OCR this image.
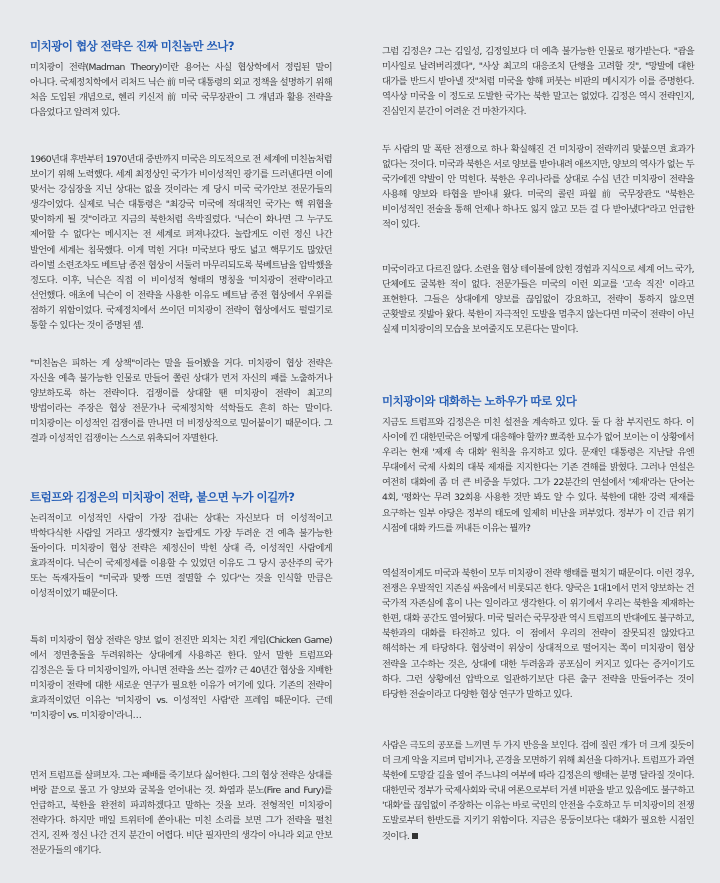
미치광이 협상 전략은 진짜 미친놈만 쓰나?

미치광이 전략(Madman Theory)이란 용어는 사실 협상학에서 정립된 말이 아니다. 국제정치학에서 리처드 닉슨 前 미국 대통령의 외교 정책을 설명하기 위해 처음 도입된 개념으로, 헨리 키신저 前 미국 국무장관이 그 개념과 활용 전략을 다음었다고 알려져 있다.

1960년대 후반부터 1970년대 중반까지 미국은 의도적으로 전 세계에 미친놈처럼 보이기 위해 노력했다. 세계 최정상인 국가가 비이성적인 광기를 드러낸다면 이에 맞서는 강심장을 지닌 상대는 없을 것이라는 게 당시 미국 국가안보 전문가들의 생각이었다. 실제로 닉슨 대통령은 "최강국 미국에 적대적인 국가는 핵 위협을 맞이하게 될 것"이라고 지금의 북한처럼 윽박질렀다. '닉슨이 화나면 그 누구도 제어할 수 없다'는 메시지는 전 세계로 퍼져나갔다. 놀랍게도 이런 정신 나간 발언에 세계는 침묵했다. 이게 먹힌 거다! 미국보다 땅도 넓고 핵무기도 많았던 라이벌 소련조차도 베트남 종전 협상이 서둘러 마무리되도록 북베트남을 압박했을 정도다. 이후, 닉슨은 직접 이 비이성적 형태의 명칭을 '미치광이 전략'이라고 선언했다. 애초에 닉슨이 이 전략을 사용한 이유도 베트남 종전 협상에서 우위를 점하기 위함이었다. 국제정치에서 쓰이던 미치광이 전략이 협상에서도 펄럴기로 통할 수 있다는 것이 증명된 셈.

"미친놈은 피하는 게 상책"이라는 말을 들어봤을 거다. 미치광이 협상 전략은 자신을 예측 불가능한 인물로 만들어 쫄린 상대가 먼저 자신의 패를 노출하거나 양보하도록 하는 전략이다. 겁쟁이를 상대할 땐 미치광이 전략이 최고의 방법이라는 주장은 협상 전문가나 국제정치학 석학들도 흔히 하는 말이다. 미치광이는 이성적인 겁쟁이를 만나면 더 비정상적으로 밀어붙이기 때문이다. 그 결과 이성적인 겁쟁이는 스스로 위축되어 자멸한다.

트럼프와 김정은의 미치광이 전략, 붙으면 누가 이길까?

논리적이고 이성적인 사람이 가장 겁내는 상대는 자신보다 더 이성적이고 박학다식한 사람일 거라고 생각했지? 놀랍게도 가장 두려운 건 예측 불가능한 돌아이다. 미치광이 협상 전략은 제정신이 박힌 상대 즉, 이성적인 사람에게 효과적이다. 닉슨이 국제정세를 이용할 수 있었던 이유도 그 당시 공산주의 국가 또는 독재자들이 "미국과 맞짱 뜨면 절멸할 수 있다"는 것을 인식할 만큼은 이성적이었기 때문이다.

특히 미치광이 협상 전략은 양보 없이 전진만 외치는 치킨 게임(Chicken Game)에서 정면충돌을 두려워하는 상대에게 사용하곤 한다. 앞서 말한 트럼프와 김정은은 둘 다 미치광이일까, 아니면 전략을 쓰는 걸까? 근 40년간 협상을 지배한 미치광이 전략에 대한 새로운 연구가 필요한 이유가 여기에 있다. 기존의 전략이 효과적이었던 이유는 '미치광이 vs. 이성적인 사람'란 프레임 때문이다. 근데 '미치광이 vs. 미치광이'라니…

먼저 트럼프를 살펴보자. 그는 패배를 죽기보다 싫어한다. 그의 협상 전략은 상대를 벼랑 끝으로 몰고 가 양보와 굴복을 얻어내는 것. 화염과 분노(Fire and Fury)를 언급하고, 북한을 완전히 파괴하겠다고 말하는 것을 보라. 전형적인 미치광이 전략가다. 하지만 매일 트위터에 쏟아내는 미친 소리를 보면 그가 전략을 펼친 건지, 진짜 정신 나간 건지 분간이 어렵다. 비단 필자만의 생각이 아니라 외교 안보 전문가들의 얘기다.

그럼 김정은? 그는 김일성, 김정일보다 더 예측 불가능한 인물로 평가받는다. "괌을 미사일로 날려버리겠다", "사상 최고의 대응조치 단행을 고려할 것", "망발에 대한 대가를 반드시 받아낼 것"처럼 미국을 향해 퍼붓는 비판의 메시지가 이를 증명한다. 역사상 미국을 이 정도로 도발한 국가는 북한 말고는 없었다. 김정은 역시 전략인지, 진심인지 분간이 어려운 건 마찬가지다.

두 사람의 말 폭탄 전쟁으로 하나 확실해진 건 미치광이 전략끼리 맞붙으면 효과가 없다는 것이다. 미국과 북한은 서로 양보를 받아내려 애쓰지만, 양보의 역사가 없는 두 국가에겐 약발이 안 먹힌다. 북한은 우리나라를 상대로 수십 년간 미치광이 전략을 사용해 양보와 타협을 받아내 왔다. 미국의 콜린 파월 前 국무장관도 "북한은 비이성적인 전술을 통해 언제나 하나도 잃지 않고 모든 걸 다 받아냈다"라고 언급한 적이 있다.

미국이라고 다르진 않다. 소련을 협상 테이블에 앉힌 경험과 지식으로 세계 어느 국가, 단체에도 굴복한 적이 없다. 전문가들은 미국의 이런 외교를 '고속 직진' 이라고 표현한다. 그들은 상대에게 양보를 끊임없이 강요하고, 전략이 통하지 않으면 군홧발로 짓밟아 왔다. 북한이 자극적인 도발을 멈추지 않는다면 미국이 전략이 아닌 실제 미치광이의 모습을 보여줄지도 모른다는 말이다.

미치광이와 대화하는 노하우가 따로 있다

지금도 트럼프와 김정은은 미친 설전을 계속하고 있다. 둘 다 참 부지런도 하다. 이 사이에 낀 대한민국은 어떻게 대응해야 할까? 뾰족한 묘수가 없어 보이는 이 상황에서 우리는 현재 '제재 속 대화' 원칙을 유지하고 있다. 문재인 대통령은 지난달 유엔 무대에서 국제 사회의 대북 제재를 지지한다는 기존 견해를 밝혔다. 그러나 연설은 여전히 대화에 좀 더 큰 비중을 두었다. 그가 22분간의 연설에서 '제재'라는 단어는 4회, '평화'는 무려 32회용 사용한 것만 봐도 알 수 있다. 북한에 대한 강력 제재를 요구하는 일부 야당은 정부의 태도에 일제히 비난을 퍼부었다. 정부가 이 긴급 위기 시점에 대화 카드를 꺼내든 이유는 뭘까?

역설적이게도 미국과 북한이 모두 미치광이 전략 행태를 펼치기 때문이다. 이런 경우, 전쟁은 우발적인 지존심 싸움에서 비롯되곤 한다. 양국은 1대1에서 먼저 양보하는 건 국가적 자존심에 흠이 나는 일이라고 생각한다. 이 위기에서 우리는 북한을 제재하는 한편, 대화 공간도 열어뒀다. 미국 틸러슨 국무장관 역시 트럼프의 반대에도 불구하고, 북한과의 대화를 타진하고 있다. 이 점에서 우리의 전략이 잘못되진 않았다고 해석하는 게 타당하다. 협상력이 위상이 상대적으로 떨어지는 쪽이 미치광이 협상 전략을 고수하는 것은, 상대에 대한 두려움과 공포심이 커지고 있다는 증거이기도 하다. 그런 상황에선 압박으로 일관하기보단 다른 출구 전략을 만들어주는 것이 타당한 전술이라고 다양한 협상 연구가 말하고 있다.

사람은 극도의 공포를 느끼면 두 가지 반응을 보인다. 겁에 질린 개가 더 크게 짖듯이 더 크게 악을 지르며 덤비거나, 곤경을 모면하기 위해 최선을 다하거나. 트럼프가 과연 북한에 도망갈 길을 열어 주느냐의 여부에 따라 김정은의 행태는 분명 달라질 것이다. 대한민국 정부가 국제사회와 국내 여론으로부터 거센 비판을 받고 있음에도 불구하고 '대화'를 끊임없이 주장하는 이유는 바로 국민의 안전을 수호하고 두 미치광이의 전쟁 도발로부터 한반도를 지키기 위함이다. 지금은 몽둥이보다는 대화가 필요한 시점인 것이다.
